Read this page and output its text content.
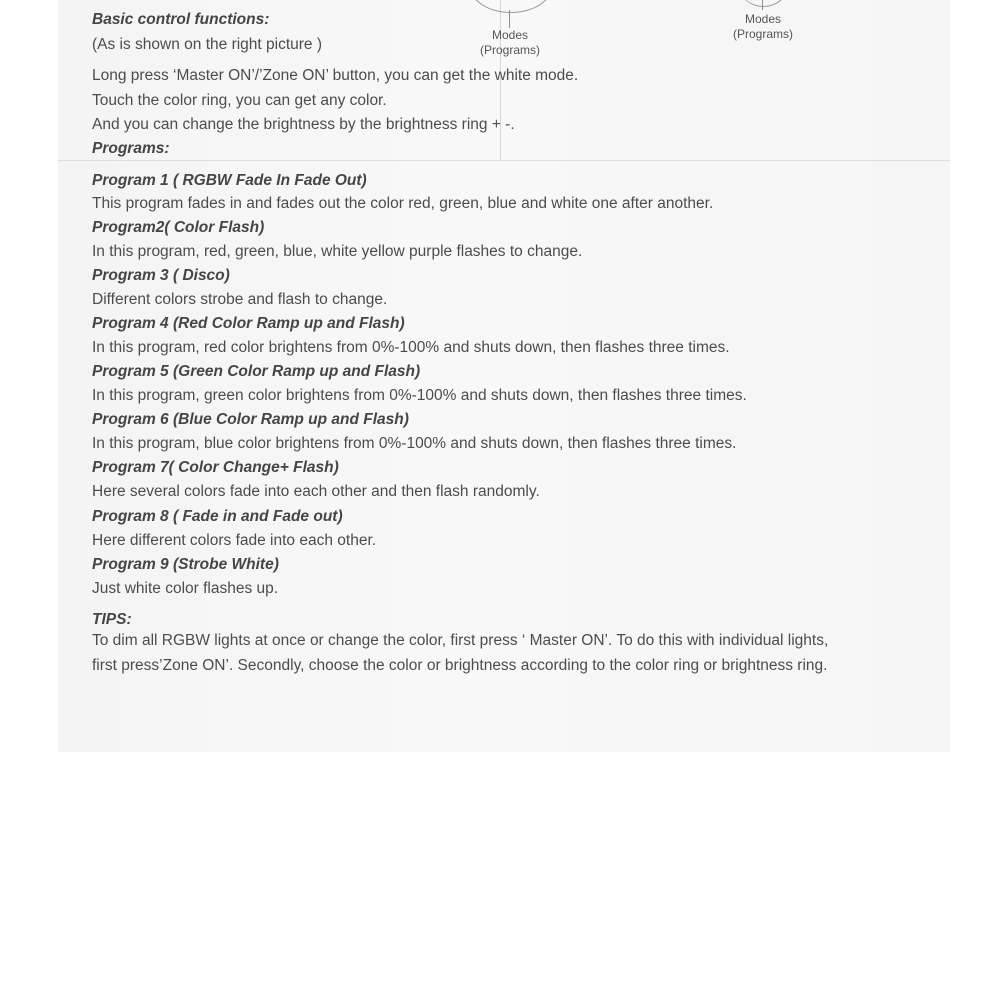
Modes
(Programs)
Modes
(Programs)
Basic control functions:
(As is shown on the right picture )
Long press ‘Master ON’/’Zone ON’ button, you can get the white mode.
Touch the color ring, you can get any color.
And you can change the brightness by the brightness ring + -.
Programs:
Program 1 ( RGBW Fade In Fade Out)
This program fades in and fades out the color red, green, blue and white one after another.
Program2( Color Flash)
In this program, red, green, blue, white yellow purple flashes to change.
Program 3 ( Disco)
Different colors strobe and flash to change.
Program 4 (Red Color Ramp up and Flash)
In this program, red color brightens from 0%-100% and shuts down, then flashes three times.
Program 5 (Green Color Ramp up and Flash)
In this program, green color brightens from 0%-100% and shuts down, then flashes three times.
Program 6 (Blue Color Ramp up and Flash)
In this program, blue color brightens from 0%-100% and shuts down, then flashes three times.
Program 7( Color Change+ Flash)
Here several colors fade into each other and then flash randomly.
Program 8 ( Fade in and Fade out)
Here different colors fade into each other.
Program 9 (Strobe White)
Just white color flashes up.
TIPS:
To dim all RGBW lights at once or change the color, first press ‘ Master ON’. To do this with individual lights,
first press’Zone ON’. Secondly, choose the color or brightness according to the color ring or brightness ring.
